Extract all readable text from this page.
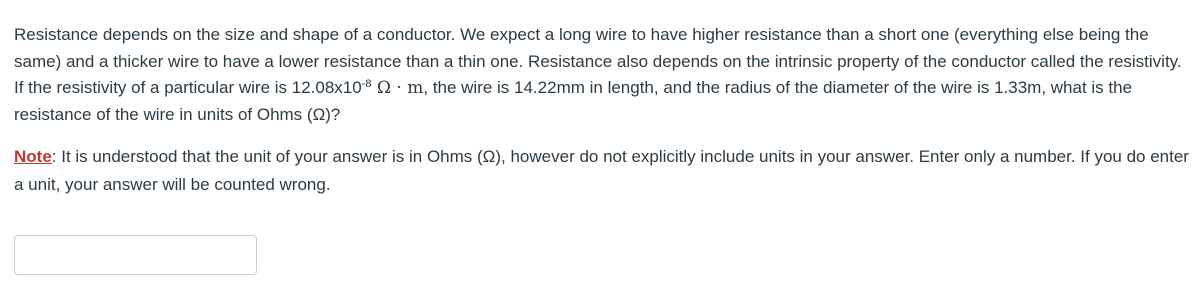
Resistance depends on the size and shape of a conductor. We expect a long wire to have higher resistance than a short one (everything else being the same) and a thicker wire to have a lower resistance than a thin one. Resistance also depends on the intrinsic property of the conductor called the resistivity. If the resistivity of a particular wire is $12.08x10^{-8}$ Ω · m, the wire is 14.22mm in length, and the radius of the diameter of the wire is 1.33m, what is the resistance of the wire in units of Ohms (Ω)?

Note: It is understood that the unit of your answer is in Ohms (Ω), however do not explicitly include units in your answer. Enter only a number. If you do enter a unit, your answer will be counted wrong.
